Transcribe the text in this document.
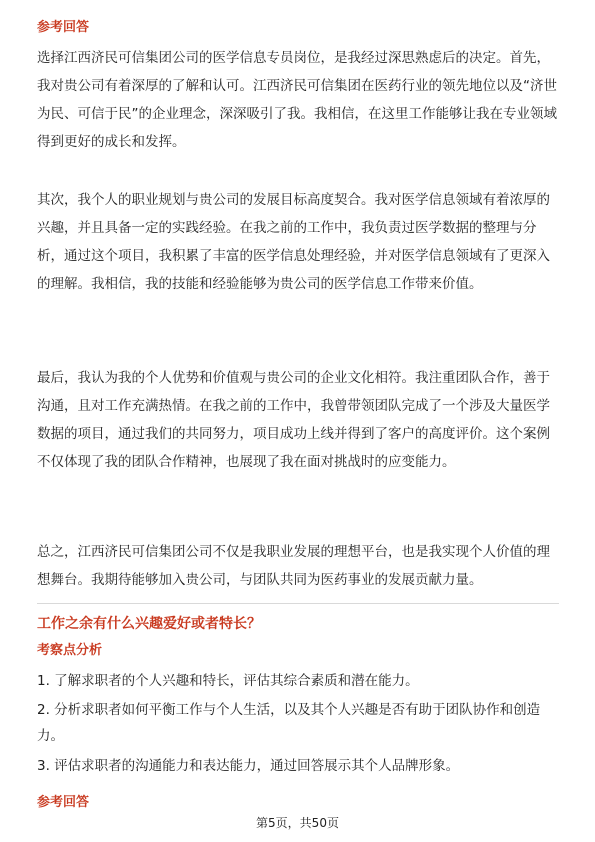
参考回答

选择江西济民可信集团公司的医学信息专员岗位，是我经过深思熟虑后的决定。首先，我对贵公司有着深厚的了解和认可。江西济民可信集团在医药行业的领先地位以及“济世为民、可信于民”的企业理念，深深吸引了我。我相信，在这里工作能够让我在专业领域得到更好的成长和发挥。

其次，我个人的职业规划与贵公司的发展目标高度契合。我对医学信息领域有着浓厚的兴趣，并且具备一定的实践经验。在我之前的工作中，我负责过医学数据的整理与分析，通过这个项目，我积累了丰富的医学信息处理经验，并对医学信息领域有了更深入的理解。我相信，我的技能和经验能够为贵公司的医学信息工作带来价值。

最后，我认为我的个人优势和价值观与贵公司的企业文化相符。我注重团队合作，善于沟通，且对工作充满热情。在我之前的工作中，我曾带领团队完成了一个涉及大量医学数据的项目，通过我们的共同努力，项目成功上线并得到了客户的高度评价。这个案例不仅体现了我的团队合作精神，也展现了我在面对挑战时的应变能力。

总之，江西济民可信集团公司不仅是我职业发展的理想平台，也是我实现个人价值的理想舞台。我期待能够加入贵公司，与团队共同为医药事业的发展贡献力量。

工作之余有什么兴趣爱好或者特长？
考察点分析

1. 了解求职者的个人兴趣和特长，评估其综合素质和潜在能力。

2. 分析求职者如何平衡工作与个人生活，以及其个人兴趣是否有助于团队协作和创造力。

3. 评估求职者的沟通能力和表达能力，通过回答展示其个人品牌形象。

参考回答
第5页，共50页
